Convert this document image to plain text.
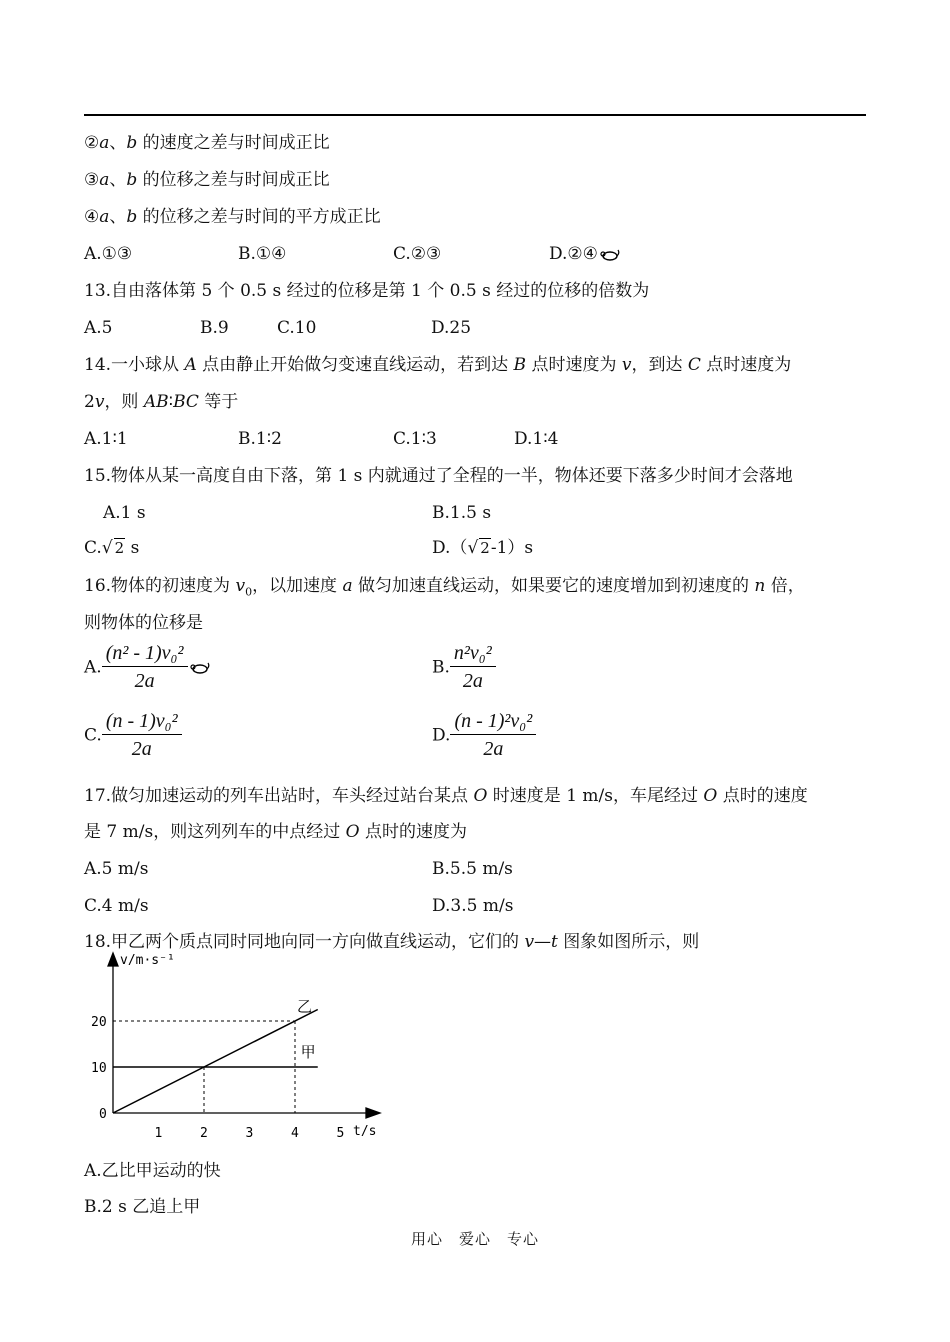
②a、b 的速度之差与时间成正比
③a、b 的位移之差与时间成正比
④a、b 的位移之差与时间的平方成正比
A.①③	B.①④	C.②③	D.②④
13.自由落体第 5 个 0.5 s 经过的位移是第 1 个 0.5 s 经过的位移的倍数为
A.5	B.9	C.10	D.25
14.一小球从 A 点由静止开始做匀变速直线运动，若到达 B 点时速度为 v，到达 C 点时速度为
2v，则 AB∶BC 等于
A.1∶1	B.1∶2	C.1∶3	D.1∶4
15.物体从某一高度自由下落，第 1 s 内就通过了全程的一半，物体还要下落多少时间才会落地
A.1 s	B.1.5 s
C.√ 2 s	D.（√ 2-1）s
16.物体的初速度为 $v_0$，以加速度 a 做匀加速直线运动，如果要它的速度增加到初速度的 n 倍，
则物体的位移是
A. $\frac{\text{(n² - 1)v₀²}}{2a}$	B. $\frac{\text{n²v₀²}}{2a}$
C. $\frac{\text{(n - 1)v₀²}}{2a}$	D. $\frac{\text{(n - 1)²v₀²}}{2a}$
17.做匀加速运动的列车出站时，车头经过站台某点 O 时速度是 1 m/s，车尾经过 O 点时的速度
是 7 m/s，则这列列车的中点经过 O 点时的速度为
A.5 m/s	B.5.5 m/s
C.4 m/s	D.3.5 m/s
18.甲乙两个质点同时同地向同一方向做直线运动，它们的 v—t 图象如图所示，则
1	2	3	4	5
0
10
20
甲
乙
v/m·s⁻¹
t/s
A.乙比甲运动的快
B.2 s 乙追上甲
用心　爱心　专心
